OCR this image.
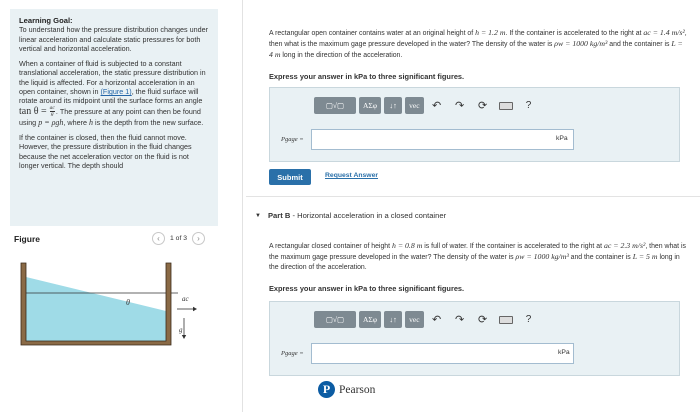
Learning Goal:

To understand how the pressure distribution changes under linear acceleration and calculate static pressures for both vertical and horizontal acceleration.

When a container of fluid is subjected to a constant translational acceleration, the static pressure distribution in the liquid is affected. For a horizontal acceleration in an open container, shown in (Figure 1), the fluid surface will rotate around its midpoint until the surface forms an angle $\tan \theta = \frac{ac}{g}$ . The pressure at any point can then be found using p = ρgh, where h is the depth from the new surface.

If the container is closed, then the fluid cannot move. However, the pressure distribution in the fluid changes because the net acceleration vector on the fluid is not longer vertical. The depth should

Figure	‹	1 of 3	›
θ	ac
g
A rectangular open container contains water at an original height of h = 1.2 m. If the container is accelerated to the right at ac = 1.4 m/s², then what is the maximum gage pressure developed in the water? The density of the water is ρw = 1000 kg/m³ and the container is L = 4 m long in the direction of the acceleration.
Express your answer in kPa to three significant figures.
▢√▢	ΑΣφ	↓↑	vec	↶	↷	⟳	?
Pgage =	kPa
Submit	Request Answer
▼ Part B - Horizontal acceleration in a closed container
A rectangular closed container of height h = 0.8 m is full of water. If the container is accelerated to the right at ac = 2.3 m/s², then what is the maximum gage pressure developed in the water? The density of the water is ρw = 1000 kg/m³ and the container is L = 5 m long in the direction of the acceleration.
Express your answer in kPa to three significant figures.
▢√▢	ΑΣφ	↓↑	vec	↶	↷	⟳	?
Pgage =	kPa
P Pearson
